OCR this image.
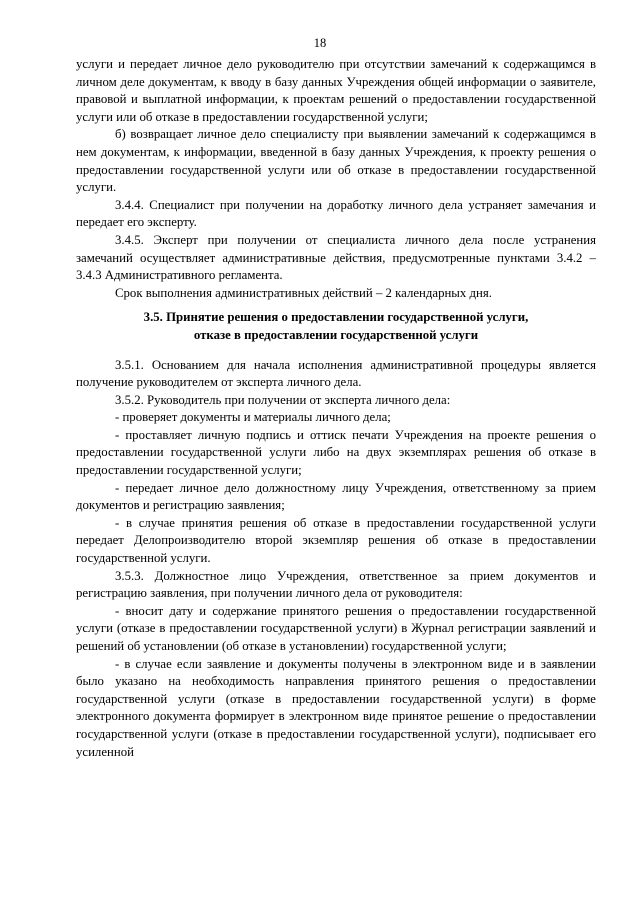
18

услуги и передает личное дело руководителю при отсутствии замечаний к содержащимся в личном деле документам, к вводу в базу данных Учреждения общей информации о заявителе, правовой и выплатной информации, к проектам решений о предоставлении государственной услуги или об отказе в предоставлении государственной услуги;

б) возвращает личное дело специалисту при выявлении замечаний к содержащимся в нем документам, к информации, введенной в базу данных Учреждения, к проекту решения о предоставлении государственной услуги или об отказе в предоставлении государственной услуги.

3.4.4. Специалист при получении на доработку личного дела устраняет замечания и передает его эксперту.

3.4.5. Эксперт при получении от специалиста личного дела после устранения замечаний осуществляет административные действия, предусмотренные пунктами 3.4.2 – 3.4.3 Административного регламента.

Срок выполнения административных действий – 2 календарных дня.

3.5. Принятие решения о предоставлении государственной услуги,
отказе в предоставлении государственной услуги

3.5.1. Основанием для начала исполнения административной процедуры является получение руководителем от эксперта личного дела.

3.5.2. Руководитель при получении от эксперта личного дела:

- проверяет документы и материалы личного дела;

- проставляет личную подпись и оттиск печати Учреждения на проекте решения о предоставлении государственной услуги либо на двух экземплярах решения об отказе в предоставлении государственной услуги;

- передает личное дело должностному лицу Учреждения, ответственному за прием документов и регистрацию заявления;

- в случае принятия решения об отказе в предоставлении государственной услуги передает Делопроизводителю второй экземпляр решения об отказе в предоставлении государственной услуги.

3.5.3. Должностное лицо Учреждения, ответственное за прием документов и регистрацию заявления, при получении личного дела от руководителя:

- вносит дату и содержание принятого решения о предоставлении государственной услуги (отказе в предоставлении государственной услуги) в Журнал регистрации заявлений и решений об установлении (об отказе в установлении) государственной услуги;

- в случае если заявление и документы получены в электронном виде и в заявлении было указано на необходимость направления принятого решения о предоставлении государственной услуги (отказе в предоставлении государственной услуги) в форме электронного документа формирует в электронном виде принятое решение о предоставлении государственной услуги (отказе в предоставлении государственной услуги), подписывает его усиленной
